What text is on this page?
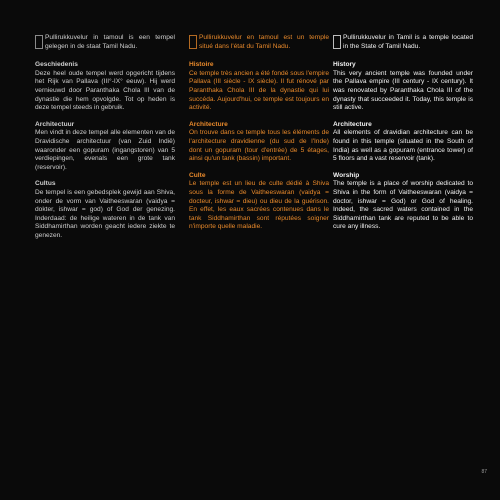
Pullirukkuvelur in tamoul is een tempel gelegen in de staat Tamil Nadu.

Geschiedenis

Deze heel oude tempel werd opgericht tijdens het Rijk van Pallava (III°-IX° eeuw). Hij werd vernieuwd door Paranthaka Chola III van de dynastie die hem opvolgde. Tot op heden is deze tempel steeds in gebruik.

Architectuur

Men vindt in deze tempel alle elementen van de Dravidische architectuur (van Zuid Indië) waaronder een gopuram (ingangstoren) van 5 verdiepingen, evenals een grote tank (reservoir).

Cultus

De tempel is een gebedsplek gewijd aan Shiva, onder de vorm van Vaitheeswaran (vaidya = dokter, ishwar = god) of God der genezing. Inderdaad: de heilige wateren in de tank van Siddhamirthan worden geacht iedere ziekte te genezen.

Pullirukkuvelur en tamoul est un temple situé dans l'état du Tamil Nadu.

Histoire

Ce temple très ancien a été fondé sous l'empire Pallava (III siècle - IX siècle). Il fut rénové par Paranthaka Chola III de la dynastie qui lui succéda. Aujourd'hui, ce temple est toujours en activité.

Architecture

On trouve dans ce temple tous les éléments de l'architecture dravidienne (du sud de l'Inde) dont un gopuram (tour d'entrée) de 5 étages, ainsi qu'un tank (bassin) important.

Culte

Le temple est un lieu de culte dédié à Shiva sous la forme de Vaitheeswaran (vaidya = docteur, ishwar = dieu) ou dieu de la guérison. En effet, les eaux sacrées contenues dans le tank Siddhamirthan sont réputées soigner n'importe quelle maladie.

Pullirukkuvelur in Tamil is a temple located in the State of Tamil Nadu.

History

This very ancient temple was founded under the Pallava empire (III century - IX century). It was renovated by Paranthaka Chola III of the dynasty that succeeded it. Today, this temple is still active.

Architecture

All elements of dravidian architecture can be found in this temple (situated in the South of India) as well as a gopuram (entrance tower) of 5 floors and a vast reservoir (tank).

Worship

The temple is a place of worship dedicated to Shiva in the form of Vaitheeswaran (vaidya = doctor, ishwar = God) or God of healing. Indeed, the sacred waters contained in the Siddhamirthan tank are reputed to be able to cure any illness.

87
